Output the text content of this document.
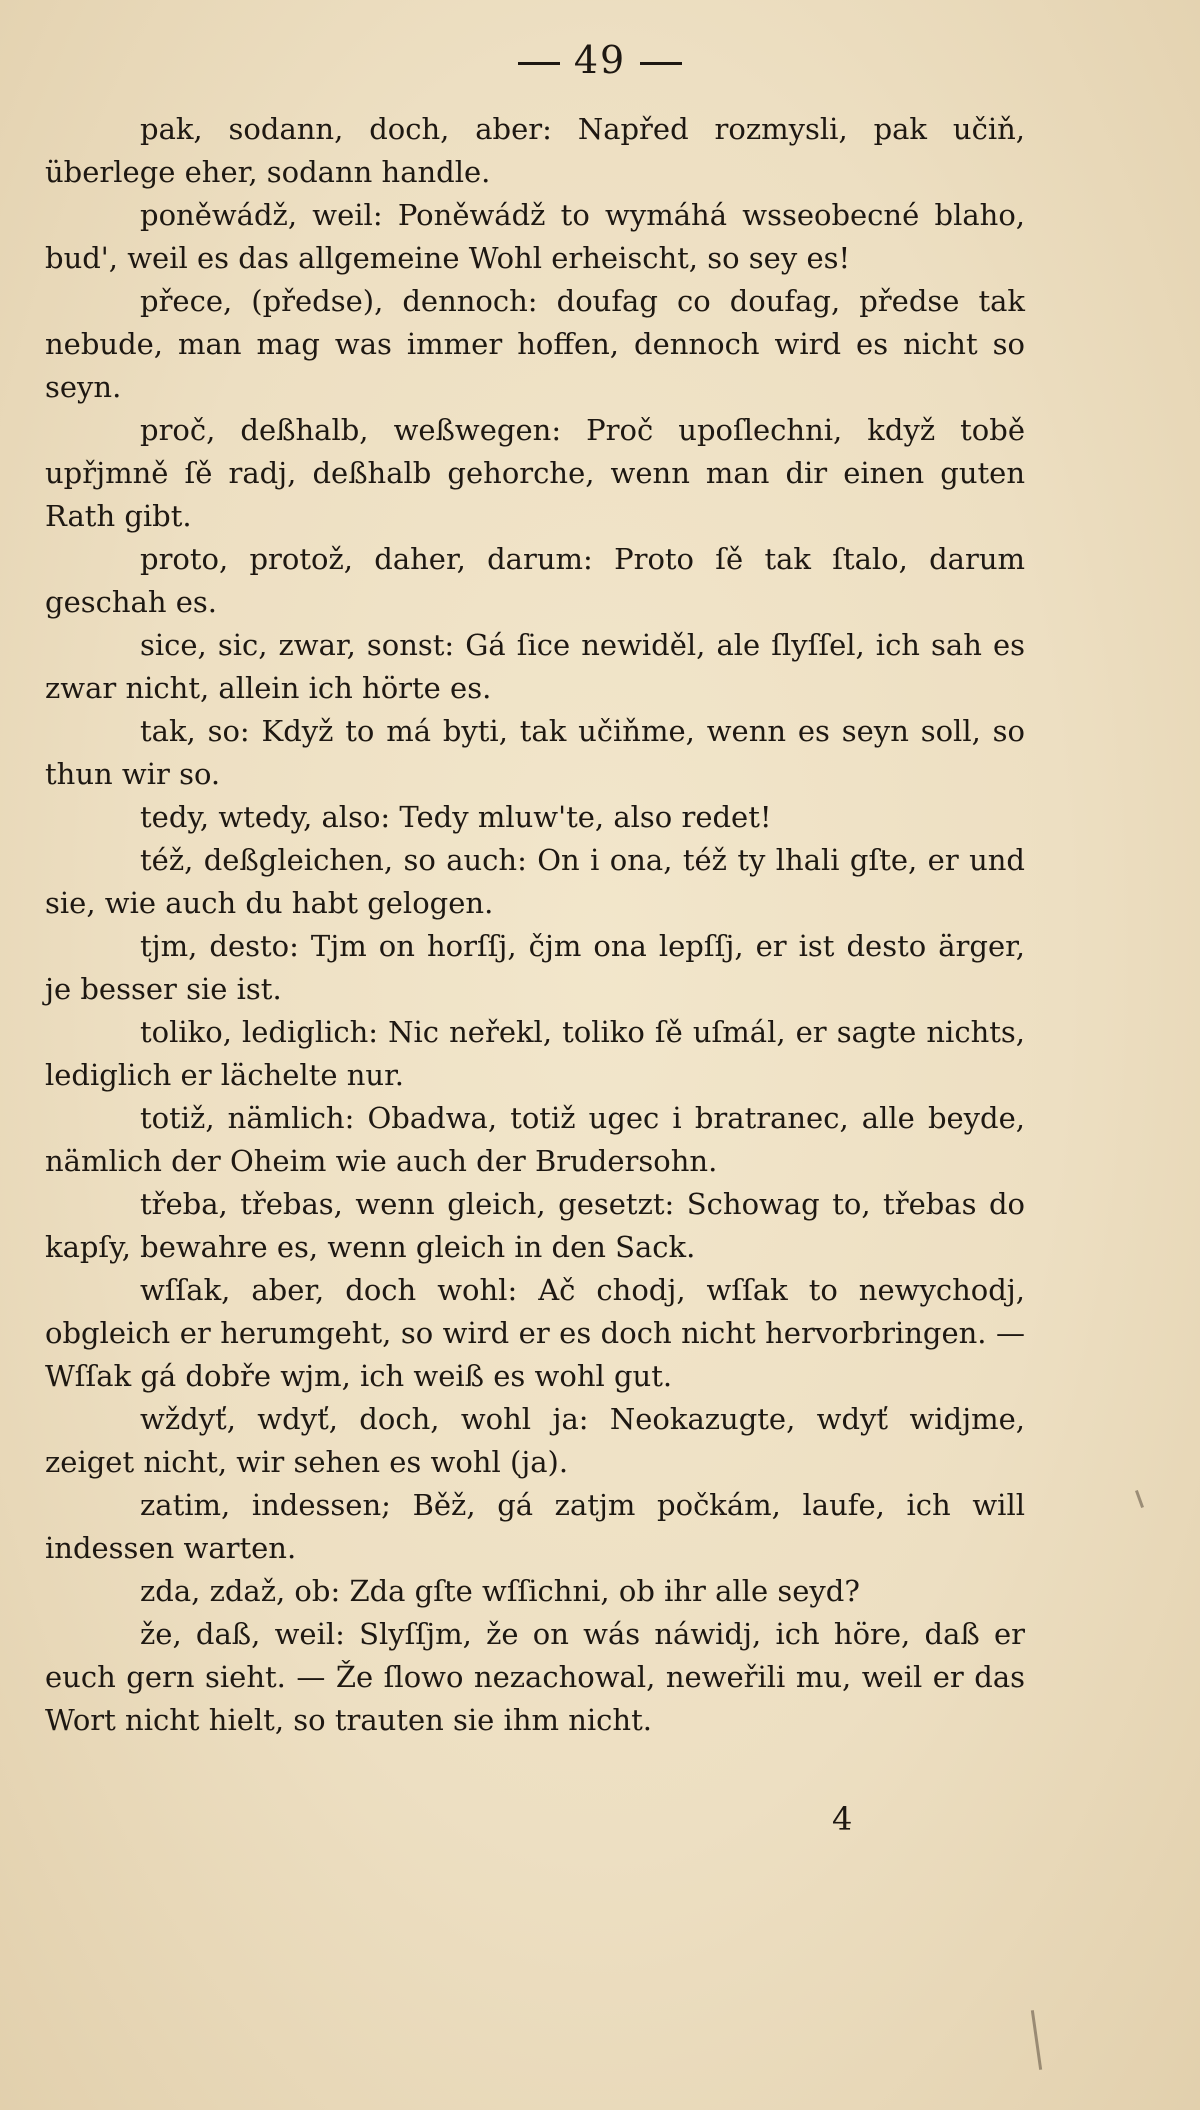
49

pak, sodann, doch, aber: Napřed rozmysli, pak učiň, überlege eher, sodann handle.

poněwádž, weil: Poněwádž to wymáhá wsseobecné blaho, bud', weil es das allgemeine Wohl erheischt, so sey es!

přece, (předse), dennoch: doufag co doufag, předse tak nebude, man mag was immer hoffen, dennoch wird es nicht so seyn.

proč, deßhalb, weßwegen: Proč upoſlechni, když tobě upřjmně ſě radj, deßhalb gehorche, wenn man dir einen guten Rath gibt.

proto, protož, daher, darum: Proto ſě tak ſtalo, darum geschah es.

sice, sic, zwar, sonst: Gá ſice newiděl, ale ſlyſſel, ich sah es zwar nicht, allein ich hörte es.

tak, so: Když to má byti, tak učiňme, wenn es seyn soll, so thun wir so.

tedy, wtedy, also: Tedy mluw'te, also redet!

též, deßgleichen, so auch: On i ona, též ty lhali gſte, er und sie, wie auch du habt gelogen.

tjm, desto: Tjm on horſſj, čjm ona lepſſj, er ist desto ärger, je besser sie ist.

toliko, lediglich: Nic neřekl, toliko ſě uſmál, er sagte nichts, lediglich er lächelte nur.

totiž, nämlich: Obadwa, totiž ugec i bratranec, alle beyde, nämlich der Oheim wie auch der Brudersohn.

třeba, třebas, wenn gleich, gesetzt: Schowag to, třebas do kapſy, bewahre es, wenn gleich in den Sack.

wſſak, aber, doch wohl: Ač chodj, wſſak to newychodj, obgleich er herumgeht, so wird er es doch nicht hervorbringen. — Wſſak gá dobře wjm, ich weiß es wohl gut.

wždyť, wdyť, doch, wohl ja: Neokazugte, wdyť widjme, zeiget nicht, wir sehen es wohl (ja).

zatim, indessen; Běž, gá zatjm počkám, laufe, ich will indessen warten.

zda, zdaž, ob: Zda gſte wſſichni, ob ihr alle seyd?

že, daß, weil: Slyſſjm, že on wás náwidj, ich höre, daß er euch gern sieht. — Že ſlowo nezachowal, neweřili mu, weil er das Wort nicht hielt, so trauten sie ihm nicht.

4
